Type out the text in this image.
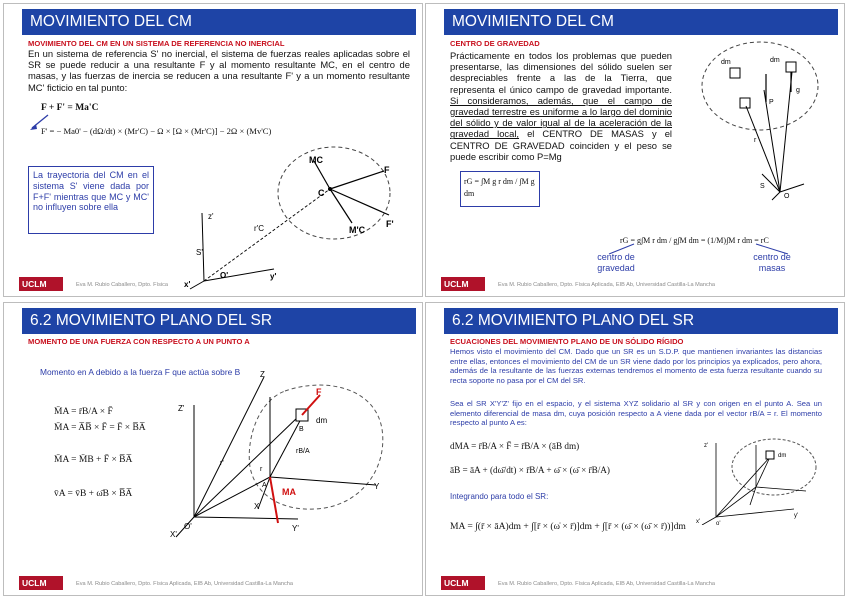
MOVIMIENTO DEL CM
MOVIMIENTO DEL CM EN UN SISTEMA DE REFERENCIA NO INERCIAL
En un sistema de referencia S' no inercial, el sistema de fuerzas reales aplicadas sobre el SR se puede reducir a una resultante F y al momento resultante MC, en el centro de masas, y las fuerzas de inercia se reducen a una resultante F' y a un momento resultante MC' ficticio en tal punto:
F + F' = Ma'C
F' = − Ma0' − (dΩ/dt) × (Mr'C) − Ω × [Ω × (Mr'C)] − 2Ω × (Mv'C)
La trayectoria del CM en el sistema S' viene dada por F+F' mientras que MC y MC' no influyen sobre ella
MC
C
F
M'C
F'
z'
r'C
S'
O'	y'
x'
UCLM	Eva M. Rubio Caballero, Dpto. Física
MOVIMIENTO DEL CM
CENTRO DE GRAVEDAD
Prácticamente en todos los problemas que pueden presentarse, las dimensiones del sólido suelen ser despreciables frente a las de la Tierra, que representa el único campo de gravedad importante. Si consideramos, además, que el campo de gravedad terrestre es uniforme a lo largo del dominio del sólido y de valor igual al de la aceleración de la gravedad local, el CENTRO DE MASAS y el CENTRO DE GRAVEDAD coinciden y el peso se puede escribir como P=Mg
rG = ∫M g r dm / ∫M g dm
rG = g∫M r dm / g∫M dm = (1/M)∫M r dm = rC
centro de gravedad
centro de masas
dm	dm
P
g
r
S
O
UCLM	Eva M. Rubio Caballero, Dpto. Física Aplicada, EIB Ab, Universidad Castilla-La Mancha
6.2 MOVIMIENTO PLANO DEL SR
MOMENTO DE UNA FUERZA CON RESPECTO A UN PUNTO A
Momento en A debido a la fuerza F que actúa sobre B
M̄A = r̄B/A × F̄
M̄A = A̅B̅ × F̄ = F̄ × B̅A̅
M̄A = M̄B + F̄ × B̅A̅
v̄A = v̄B + ω̄B × B̅A̅
Z
Z'
F
B
dm
rB/A
r'
r
A
MA
Y
X
X'
Y'
O'
UCLM	Eva M. Rubio Caballero, Dpto. Física Aplicada, EIB Ab, Universidad Castilla-La Mancha
6.2 MOVIMIENTO PLANO DEL SR
ECUACIONES DEL MOVIMIENTO PLANO DE UN SÓLIDO RÍGIDO
Hemos visto el movimiento del CM. Dado que un SR es un S.D.P. que mantienen invariantes las distancias entre ellas, entonces el movimiento del CM de un SR viene dado por los principios ya explicados, pero ahora, además de la resultante de las fuerzas externas tendremos el momento de esta fuerza resultante cuando su recta soporte no pasa por el CM del SR.
Sea el SR X'Y'Z' fijo en el espacio, y el sistema XYZ solidario al SR y con origen en el punto A. Sea un elemento diferencial de masa dm, cuya posición respecto a A viene dada por el vector rB/A = r. El momento respecto al punto A es:
dMA = r̄B/A × F̄ = r̄B/A × (āB dm)
āB = āA + (dω̄/dt) × r̄B/A + ω̄ × (ω̄ × r̄B/A)
Integrando para todo el SR:
MA = ∫(r̄ × āA)dm + ∫[r̄ × (ω̇ × r̄)]dm + ∫[r̄ × (ω̄ × (ω̄ × r̄))]dm
z'
dm
x'
y'
o'
UCLM	Eva M. Rubio Caballero, Dpto. Física Aplicada, EIB Ab, Universidad Castilla-La Mancha
